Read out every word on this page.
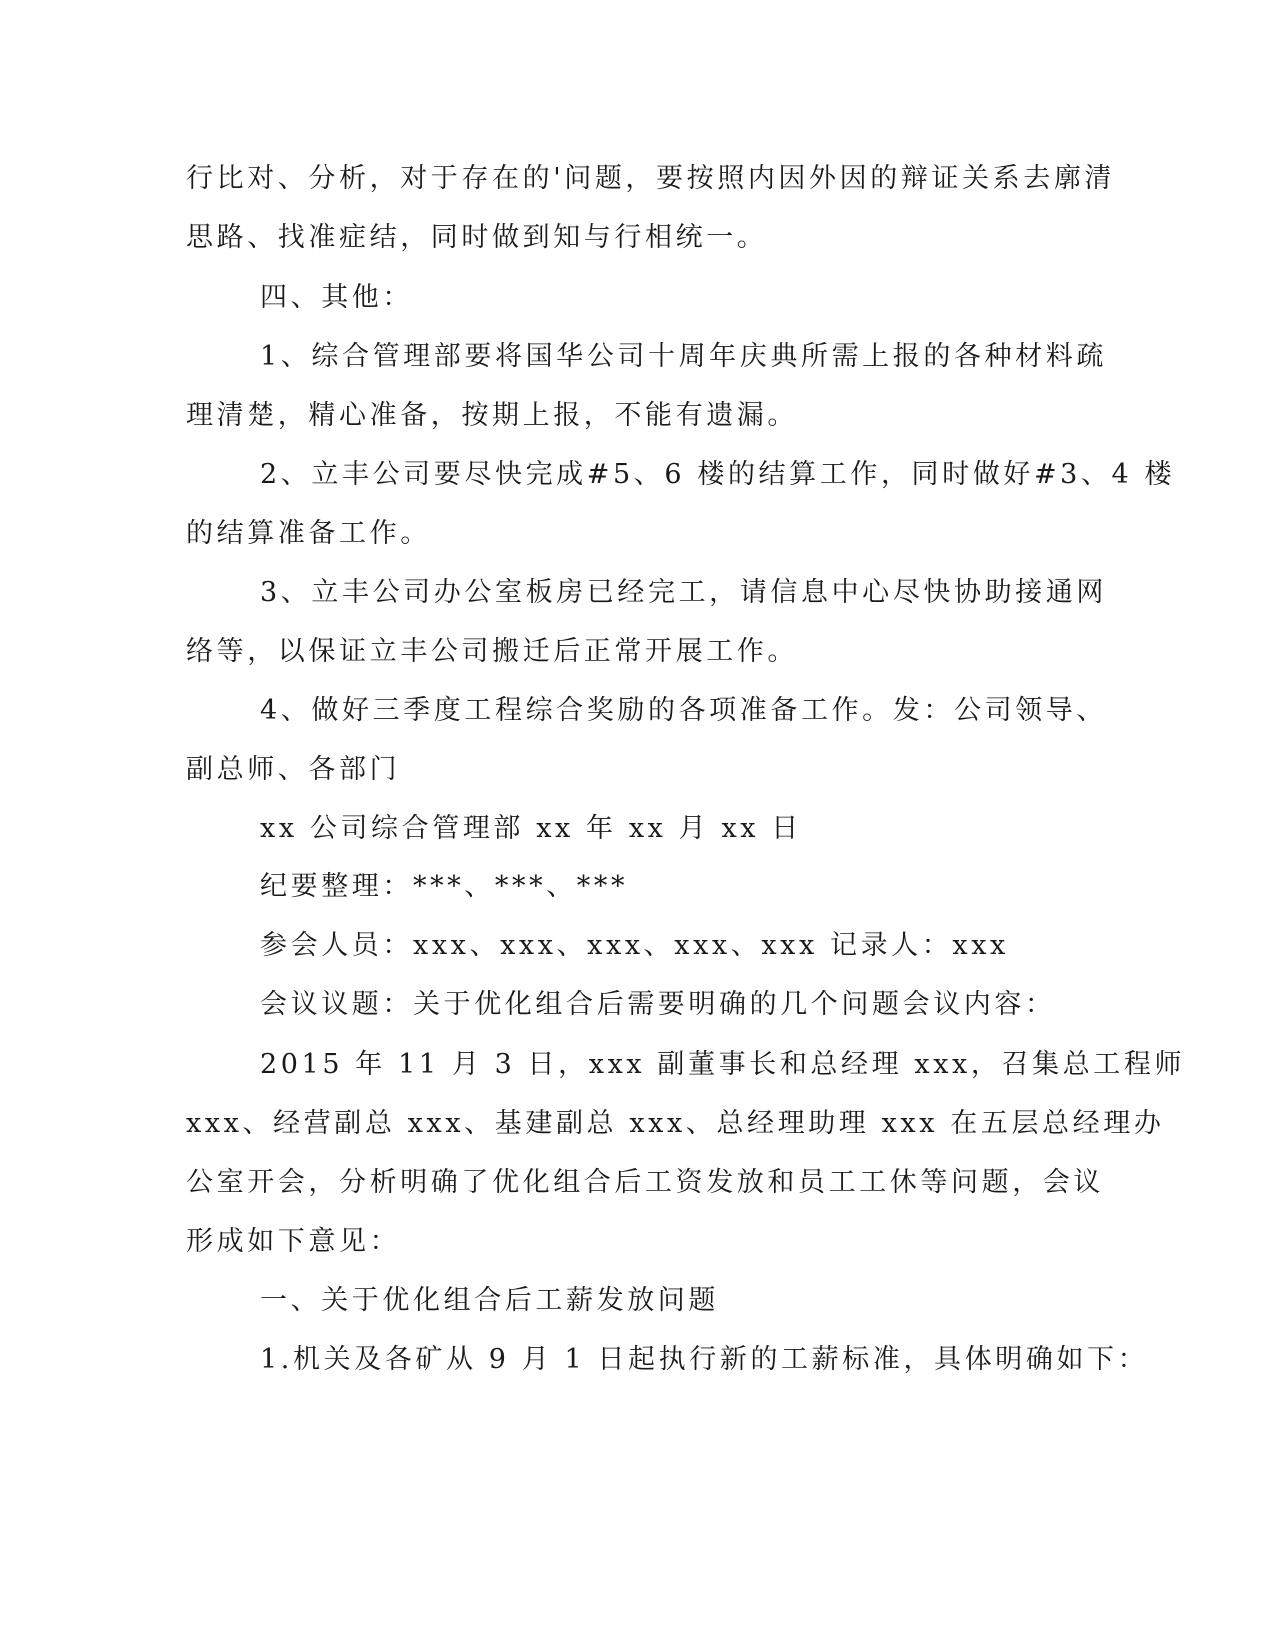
行比对、分析，对于存在的'问题，要按照内因外因的辩证关系去廓清
思路、找准症结，同时做到知与行相统一。
四、其他：
1、综合管理部要将国华公司十周年庆典所需上报的各种材料疏
理清楚，精心准备，按期上报，不能有遗漏。
2、立丰公司要尽快完成#5、6 楼的结算工作，同时做好#3、4 楼
的结算准备工作。
3、立丰公司办公室板房已经完工，请信息中心尽快协助接通网
络等，以保证立丰公司搬迁后正常开展工作。
4、做好三季度工程综合奖励的各项准备工作。发：公司领导、
副总师、各部门
xx 公司综合管理部 xx 年 xx 月 xx 日
纪要整理：***、***、***
参会人员：xxx、xxx、xxx、xxx、xxx 记录人：xxx
会议议题：关于优化组合后需要明确的几个问题会议内容：
2015 年 11 月 3 日，xxx 副董事长和总经理 xxx，召集总工程师
xxx、经营副总 xxx、基建副总 xxx、总经理助理 xxx 在五层总经理办
公室开会，分析明确了优化组合后工资发放和员工工休等问题，会议
形成如下意见：
一、关于优化组合后工薪发放问题
1.机关及各矿从 9 月 1 日起执行新的工薪标准，具体明确如下：
